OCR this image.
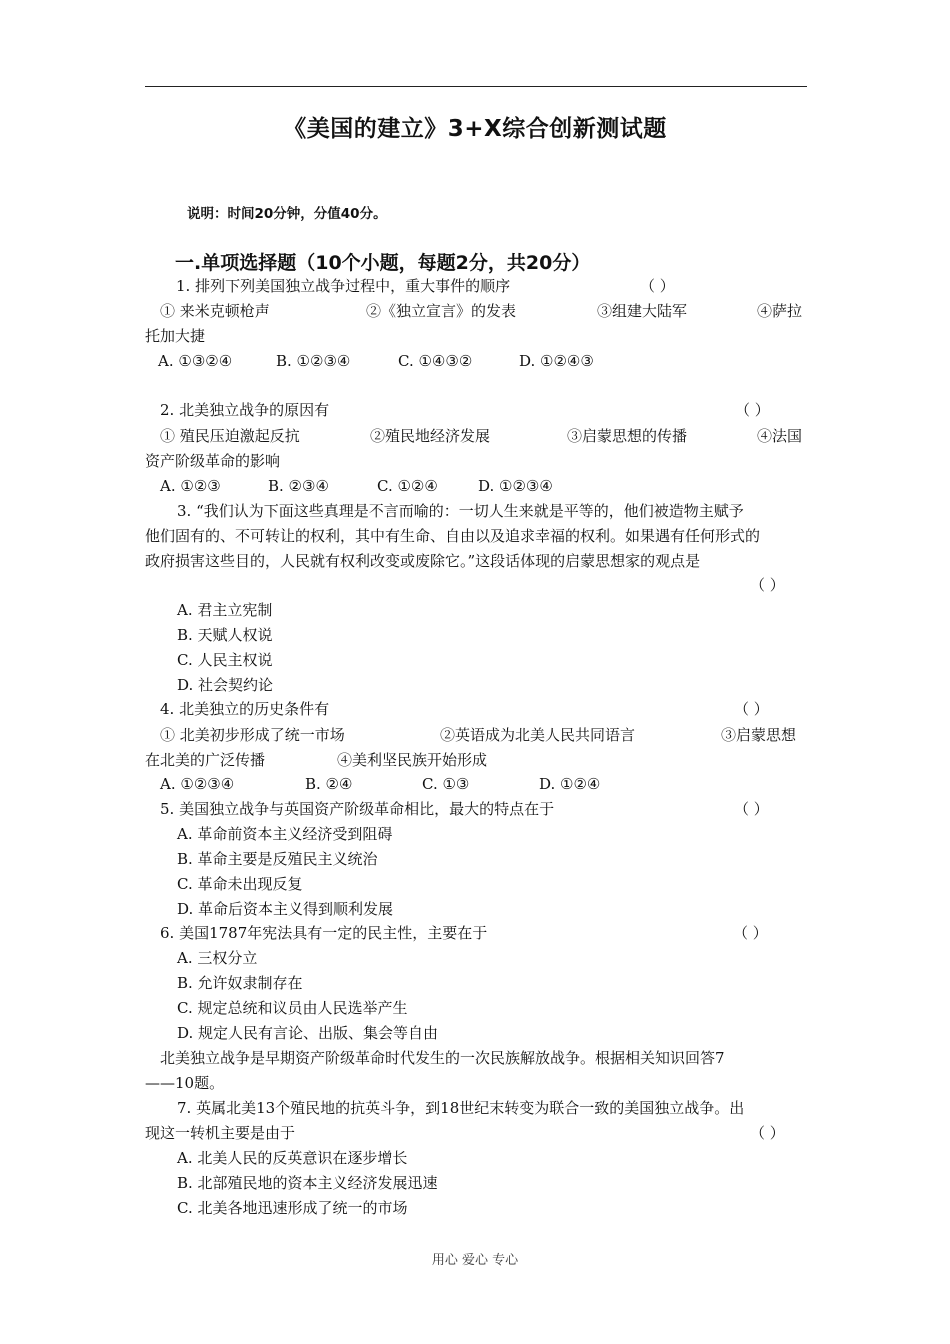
《美国的建立》3+X综合创新测试题
说明：时间20分钟，分值40分。
一.单项选择题（10个小题，每题2分，共20分）
1. 排列下列美国独立战争过程中，重大事件的顺序	（ ）
① 来米克顿枪声	②《独立宣言》的发表	③组建大陆军	④萨拉
托加大捷
A. ①③②④	B. ①②③④	C. ①④③②	D. ①②④③
2. 北美独立战争的原因有	（ ）
① 殖民压迫激起反抗	②殖民地经济发展	③启蒙思想的传播	④法国
资产阶级革命的影响
A. ①②③	B. ②③④	C. ①②④	D. ①②③④
3. “我们认为下面这些真理是不言而喻的：一切人生来就是平等的，他们被造物主赋予
他们固有的、不可转让的权利，其中有生命、自由以及追求幸福的权利。如果遇有任何形式的
政府损害这些目的，人民就有权利改变或废除它。”这段话体现的启蒙思想家的观点是
（ ）
A. 君主立宪制
B. 天赋人权说
C. 人民主权说
D. 社会契约论
4. 北美独立的历史条件有	（ ）
① 北美初步形成了统一市场	②英语成为北美人民共同语言	③启蒙思想
在北美的广泛传播	④美利坚民族开始形成
A. ①②③④	B. ②④	C. ①③	D. ①②④
5. 美国独立战争与英国资产阶级革命相比，最大的特点在于	（ ）
A. 革命前资本主义经济受到阻碍
B. 革命主要是反殖民主义统治
C. 革命未出现反复
D. 革命后资本主义得到顺利发展
6. 美国1787年宪法具有一定的民主性，主要在于	（ ）
A. 三权分立
B. 允许奴隶制存在
C. 规定总统和议员由人民选举产生
D. 规定人民有言论、出版、集会等自由
北美独立战争是早期资产阶级革命时代发生的一次民族解放战争。根据相关知识回答7
——10题。
7. 英属北美13个殖民地的抗英斗争，到18世纪末转变为联合一致的美国独立战争。出
现这一转机主要是由于	（ ）
A. 北美人民的反英意识在逐步增长
B. 北部殖民地的资本主义经济发展迅速
C. 北美各地迅速形成了统一的市场
用心 爱心 专心
